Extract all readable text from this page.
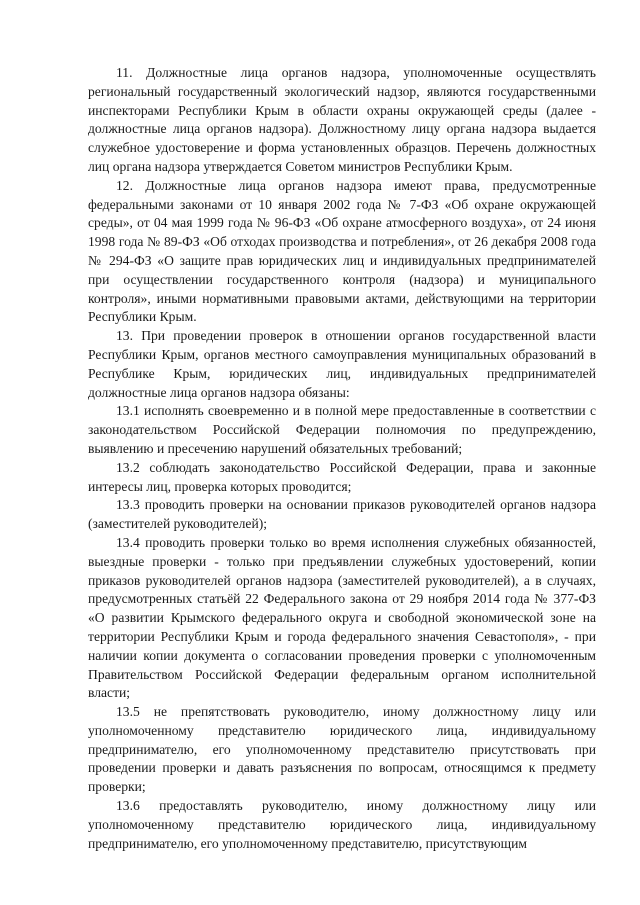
11. Должностные лица органов надзора, уполномоченные осуществлять региональный государственный экологический надзор, являются государственными инспекторами Республики Крым в области охраны окружающей среды (далее - должностные лица органов надзора). Должностному лицу органа надзора выдается служебное удостоверение и форма установленных образцов. Перечень должностных лиц органа надзора утверждается Советом министров Республики Крым.

12. Должностные лица органов надзора имеют права, предусмотренные федеральными законами от 10 января 2002 года № 7-ФЗ «Об охране окружающей среды», от 04 мая 1999 года № 96-ФЗ «Об охране атмосферного воздуха», от 24 июня 1998 года № 89-ФЗ «Об отходах производства и потребления», от 26 декабря 2008 года № 294-ФЗ «О защите прав юридических лиц и индивидуальных предпринимателей при осуществлении государственного контроля (надзора) и муниципального контроля», иными нормативными правовыми актами, действующими на территории Республики Крым.

13. При проведении проверок в отношении органов государственной власти Республики Крым, органов местного самоуправления муниципальных образований в Республике Крым, юридических лиц, индивидуальных предпринимателей должностные лица органов надзора обязаны:

13.1 исполнять своевременно и в полной мере предоставленные в соответствии с законодательством Российской Федерации полномочия по предупреждению, выявлению и пресечению нарушений обязательных требований;

13.2 соблюдать законодательство Российской Федерации, права и законные интересы лиц, проверка которых проводится;

13.3 проводить проверки на основании приказов руководителей органов надзора (заместителей руководителей);

13.4 проводить проверки только во время исполнения служебных обязанностей, выездные проверки - только при предъявлении служебных удостоверений, копии приказов руководителей органов надзора (заместителей руководителей), а в случаях, предусмотренных статьёй 22 Федерального закона от 29 ноября 2014 года № 377-ФЗ «О развитии Крымского федерального округа и свободной экономической зоне на территории Республики Крым и города федерального значения Севастополя», - при наличии копии документа о согласовании проведения проверки с уполномоченным Правительством Российской Федерации федеральным органом исполнительной власти;

13.5 не препятствовать руководителю, иному должностному лицу или уполномоченному представителю юридического лица, индивидуальному предпринимателю, его уполномоченному представителю присутствовать при проведении проверки и давать разъяснения по вопросам, относящимся к предмету проверки;

13.6 предоставлять руководителю, иному должностному лицу или уполномоченному представителю юридического лица, индивидуальному предпринимателю, его уполномоченному представителю, присутствующим
